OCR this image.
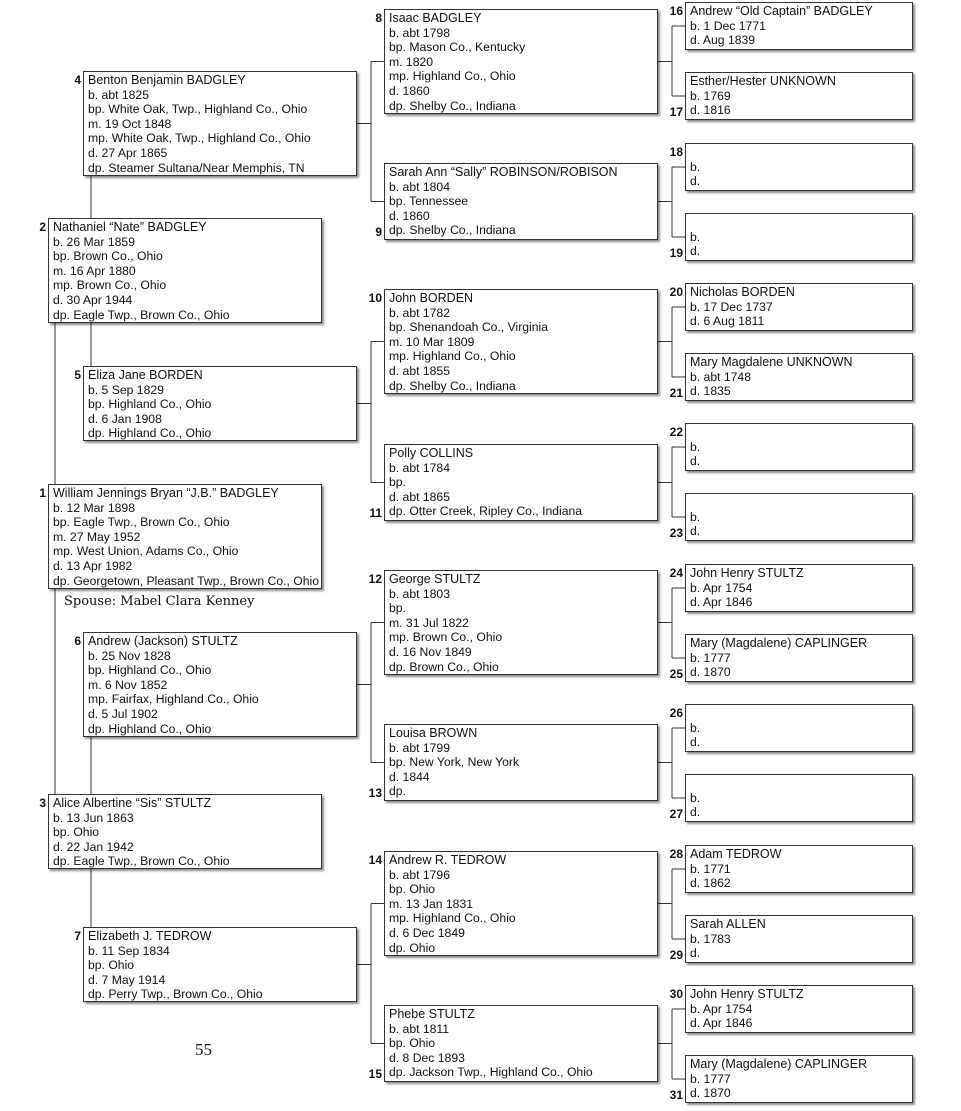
William Jennings Bryan “J.B.” BADGLEY
b. 12 Mar 1898
bp. Eagle Twp., Brown Co., Ohio
m. 27 May 1952
mp. West Union, Adams Co., Ohio
d. 13 Apr 1982
dp. Georgetown, Pleasant Twp., Brown Co., Ohio
1
Nathaniel “Nate” BADGLEY
b. 26 Mar 1859
bp. Brown Co., Ohio
m. 16 Apr 1880
mp. Brown Co., Ohio
d. 30 Apr 1944
dp. Eagle Twp., Brown Co., Ohio
2
Alice Albertine “Sis” STULTZ
b. 13 Jun 1863
bp. Ohio
d. 22 Jan 1942
dp. Eagle Twp., Brown Co., Ohio
3
Benton Benjamin BADGLEY
b. abt 1825
bp. White Oak, Twp., Highland Co., Ohio
m. 19 Oct 1848
mp. White Oak, Twp., Highland Co., Ohio
d. 27 Apr 1865
dp. Steamer Sultana/Near Memphis, TN
4
Eliza Jane BORDEN
b. 5 Sep 1829
bp. Highland Co., Ohio
d. 6 Jan 1908
dp. Highland Co., Ohio
5
Andrew (Jackson) STULTZ
b. 25 Nov 1828
bp. Highland Co., Ohio
m. 6 Nov 1852
mp. Fairfax, Highland Co., Ohio
d. 5 Jul 1902
dp. Highland Co., Ohio
6
Elizabeth J. TEDROW
b. 11 Sep 1834
bp. Ohio
d. 7 May 1914
dp. Perry Twp., Brown Co., Ohio
7
Isaac BADGLEY
b. abt 1798
bp. Mason Co., Kentucky
m. 1820
mp. Highland Co., Ohio
d. 1860
dp. Shelby Co., Indiana
8
Sarah Ann “Sally” ROBINSON/ROBISON
b. abt 1804
bp. Tennessee
d. 1860
dp. Shelby Co., Indiana
9
John BORDEN
b. abt 1782
bp. Shenandoah Co., Virginia
m. 10 Mar 1809
mp. Highland Co., Ohio
d. abt 1855
dp. Shelby Co., Indiana
10
Polly COLLINS
b. abt 1784
bp.
d. abt 1865
dp. Otter Creek, Ripley Co., Indiana
11
George STULTZ
b. abt 1803
bp.
m. 31 Jul 1822
mp. Brown Co., Ohio
d. 16 Nov 1849
dp. Brown Co., Ohio
12
Louisa BROWN
b. abt 1799
bp. New York, New York
d. 1844
dp.
13
Andrew R. TEDROW
b. abt 1796
bp. Ohio
m. 13 Jan 1831
mp. Highland Co., Ohio
d. 6 Dec 1849
dp. Ohio
14
Phebe STULTZ
b. abt 1811
bp. Ohio
d. 8 Dec 1893
dp. Jackson Twp., Highland Co., Ohio
15
Andrew “Old Captain” BADGLEY
b. 1 Dec 1771
d. Aug 1839
16
Esther/Hester UNKNOWN
b. 1769
d. 1816
17

b.
d.
18

b.
d.
19
Nicholas BORDEN
b. 17 Dec 1737
d. 6 Aug 1811
20
Mary Magdalene UNKNOWN
b. abt 1748
d. 1835
21

b.
d.
22

b.
d.
23
John Henry STULTZ
b. Apr 1754
d. Apr 1846
24
Mary (Magdalene) CAPLINGER
b. 1777
d. 1870
25

b.
d.
26

b.
d.
27
Adam TEDROW
b. 1771
d. 1862
28
Sarah ALLEN
b. 1783
d.
29
John Henry STULTZ
b. Apr 1754
d. Apr 1846
30
Mary (Magdalene) CAPLINGER
b. 1777
d. 1870
31
Spouse: Mabel Clara Kenney
55
